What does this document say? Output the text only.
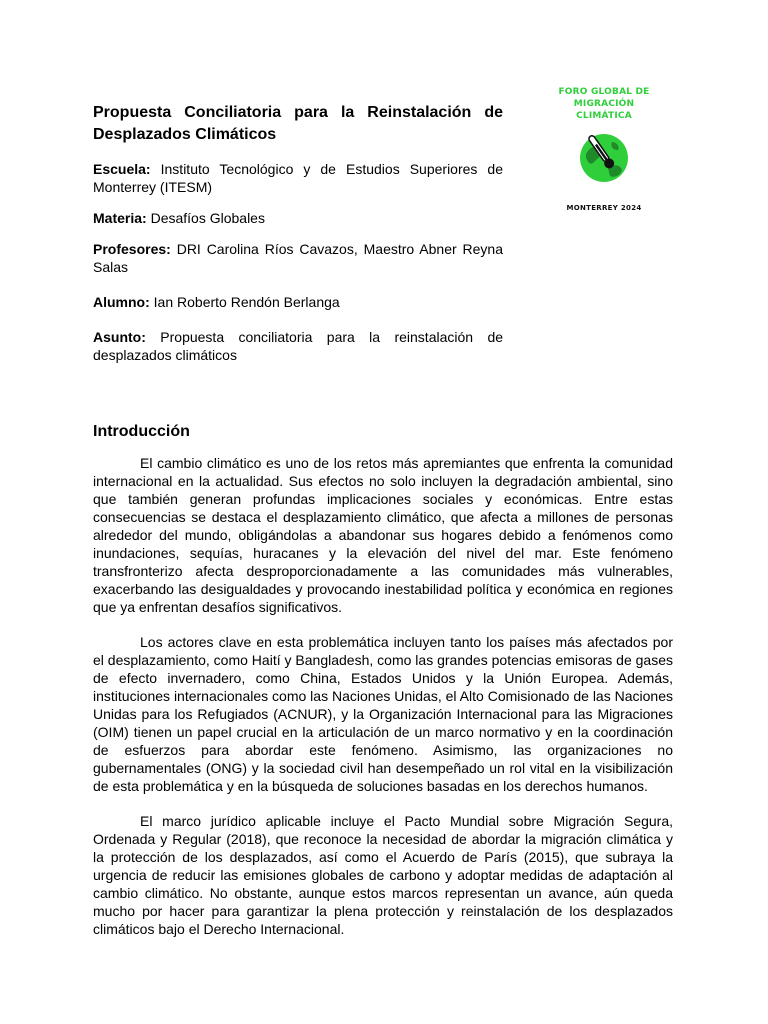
FORO GLOBAL DE
MIGRACIÓN
CLIMÁTICA
MONTERREY 2024

Propuesta Conciliatoria para la Reinstalación de Desplazados Climáticos

Escuela: Instituto Tecnológico y de Estudios Superiores de Monterrey (ITESM)

Materia: Desafíos Globales

Profesores: DRI Carolina Ríos Cavazos, Maestro Abner Reyna Salas

Alumno: Ian Roberto Rendón Berlanga

Asunto: Propuesta conciliatoria para la reinstalación de desplazados climáticos

Introducción

El cambio climático es uno de los retos más apremiantes que enfrenta la comunidad internacional en la actualidad. Sus efectos no solo incluyen la degradación ambiental, sino que también generan profundas implicaciones sociales y económicas. Entre estas consecuencias se destaca el desplazamiento climático, que afecta a millones de personas alrededor del mundo, obligándolas a abandonar sus hogares debido a fenómenos como inundaciones, sequías, huracanes y la elevación del nivel del mar. Este fenómeno transfronterizo afecta desproporcionadamente a las comunidades más vulnerables, exacerbando las desigualdades y provocando inestabilidad política y económica en regiones que ya enfrentan desafíos significativos.

Los actores clave en esta problemática incluyen tanto los países más afectados por el desplazamiento, como Haití y Bangladesh, como las grandes potencias emisoras de gases de efecto invernadero, como China, Estados Unidos y la Unión Europea. Además, instituciones internacionales como las Naciones Unidas, el Alto Comisionado de las Naciones Unidas para los Refugiados (ACNUR), y la Organización Internacional para las Migraciones (OIM) tienen un papel crucial en la articulación de un marco normativo y en la coordinación de esfuerzos para abordar este fenómeno. Asimismo, las organizaciones no gubernamentales (ONG) y la sociedad civil han desempeñado un rol vital en la visibilización de esta problemática y en la búsqueda de soluciones basadas en los derechos humanos.

El marco jurídico aplicable incluye el Pacto Mundial sobre Migración Segura, Ordenada y Regular (2018), que reconoce la necesidad de abordar la migración climática y la protección de los desplazados, así como el Acuerdo de París (2015), que subraya la urgencia de reducir las emisiones globales de carbono y adoptar medidas de adaptación al cambio climático. No obstante, aunque estos marcos representan un avance, aún queda mucho por hacer para garantizar la plena protección y reinstalación de los desplazados climáticos bajo el Derecho Internacional.
